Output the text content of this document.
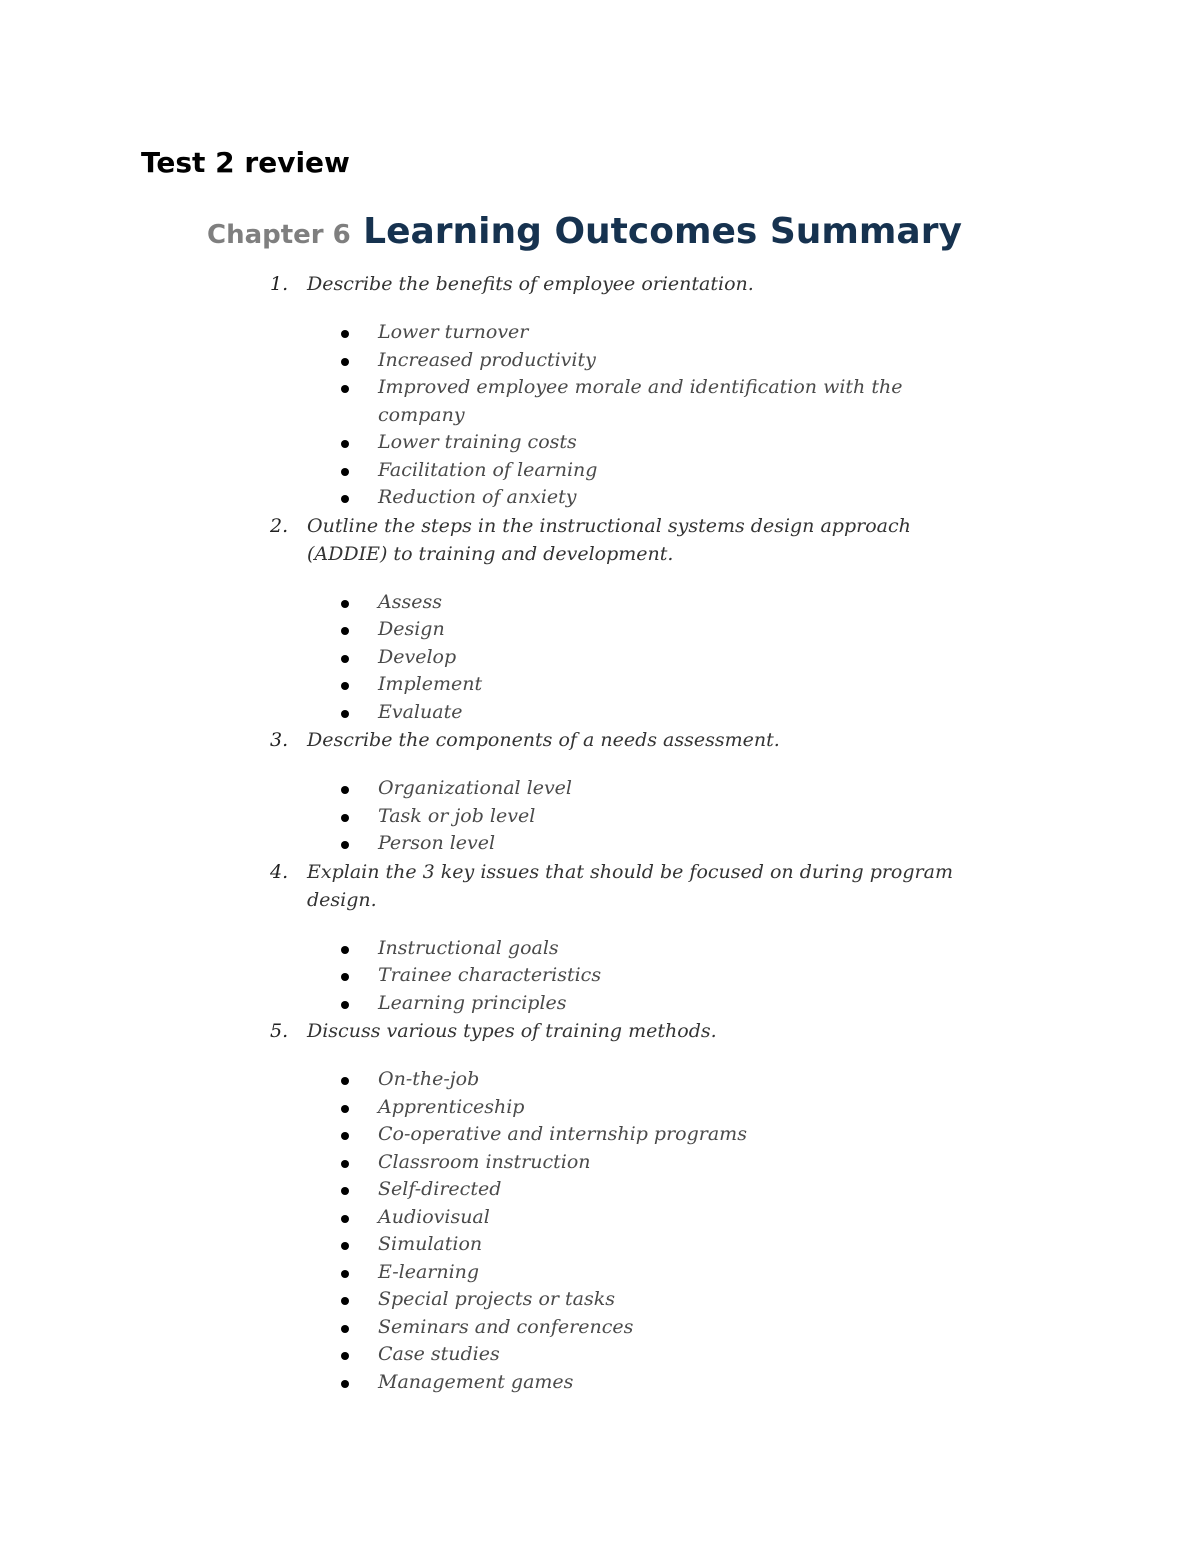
Test 2 review
Chapter 6 Learning Outcomes Summary
1. Describe the benefits of employee orientation.
Lower turnover
Increased productivity
Improved employee morale and identification with the company
Lower training costs
Facilitation of learning
Reduction of anxiety
2. Outline the steps in the instructional systems design approach (ADDIE) to training and development.
Assess
Design
Develop
Implement
Evaluate
3. Describe the components of a needs assessment.
Organizational level
Task or job level
Person level
4. Explain the 3 key issues that should be focused on during program design.
Instructional goals
Trainee characteristics
Learning principles
5. Discuss various types of training methods.
On-the-job
Apprenticeship
Co-operative and internship programs
Classroom instruction
Self-directed
Audiovisual
Simulation
E-learning
Special projects or tasks
Seminars and conferences
Case studies
Management games
